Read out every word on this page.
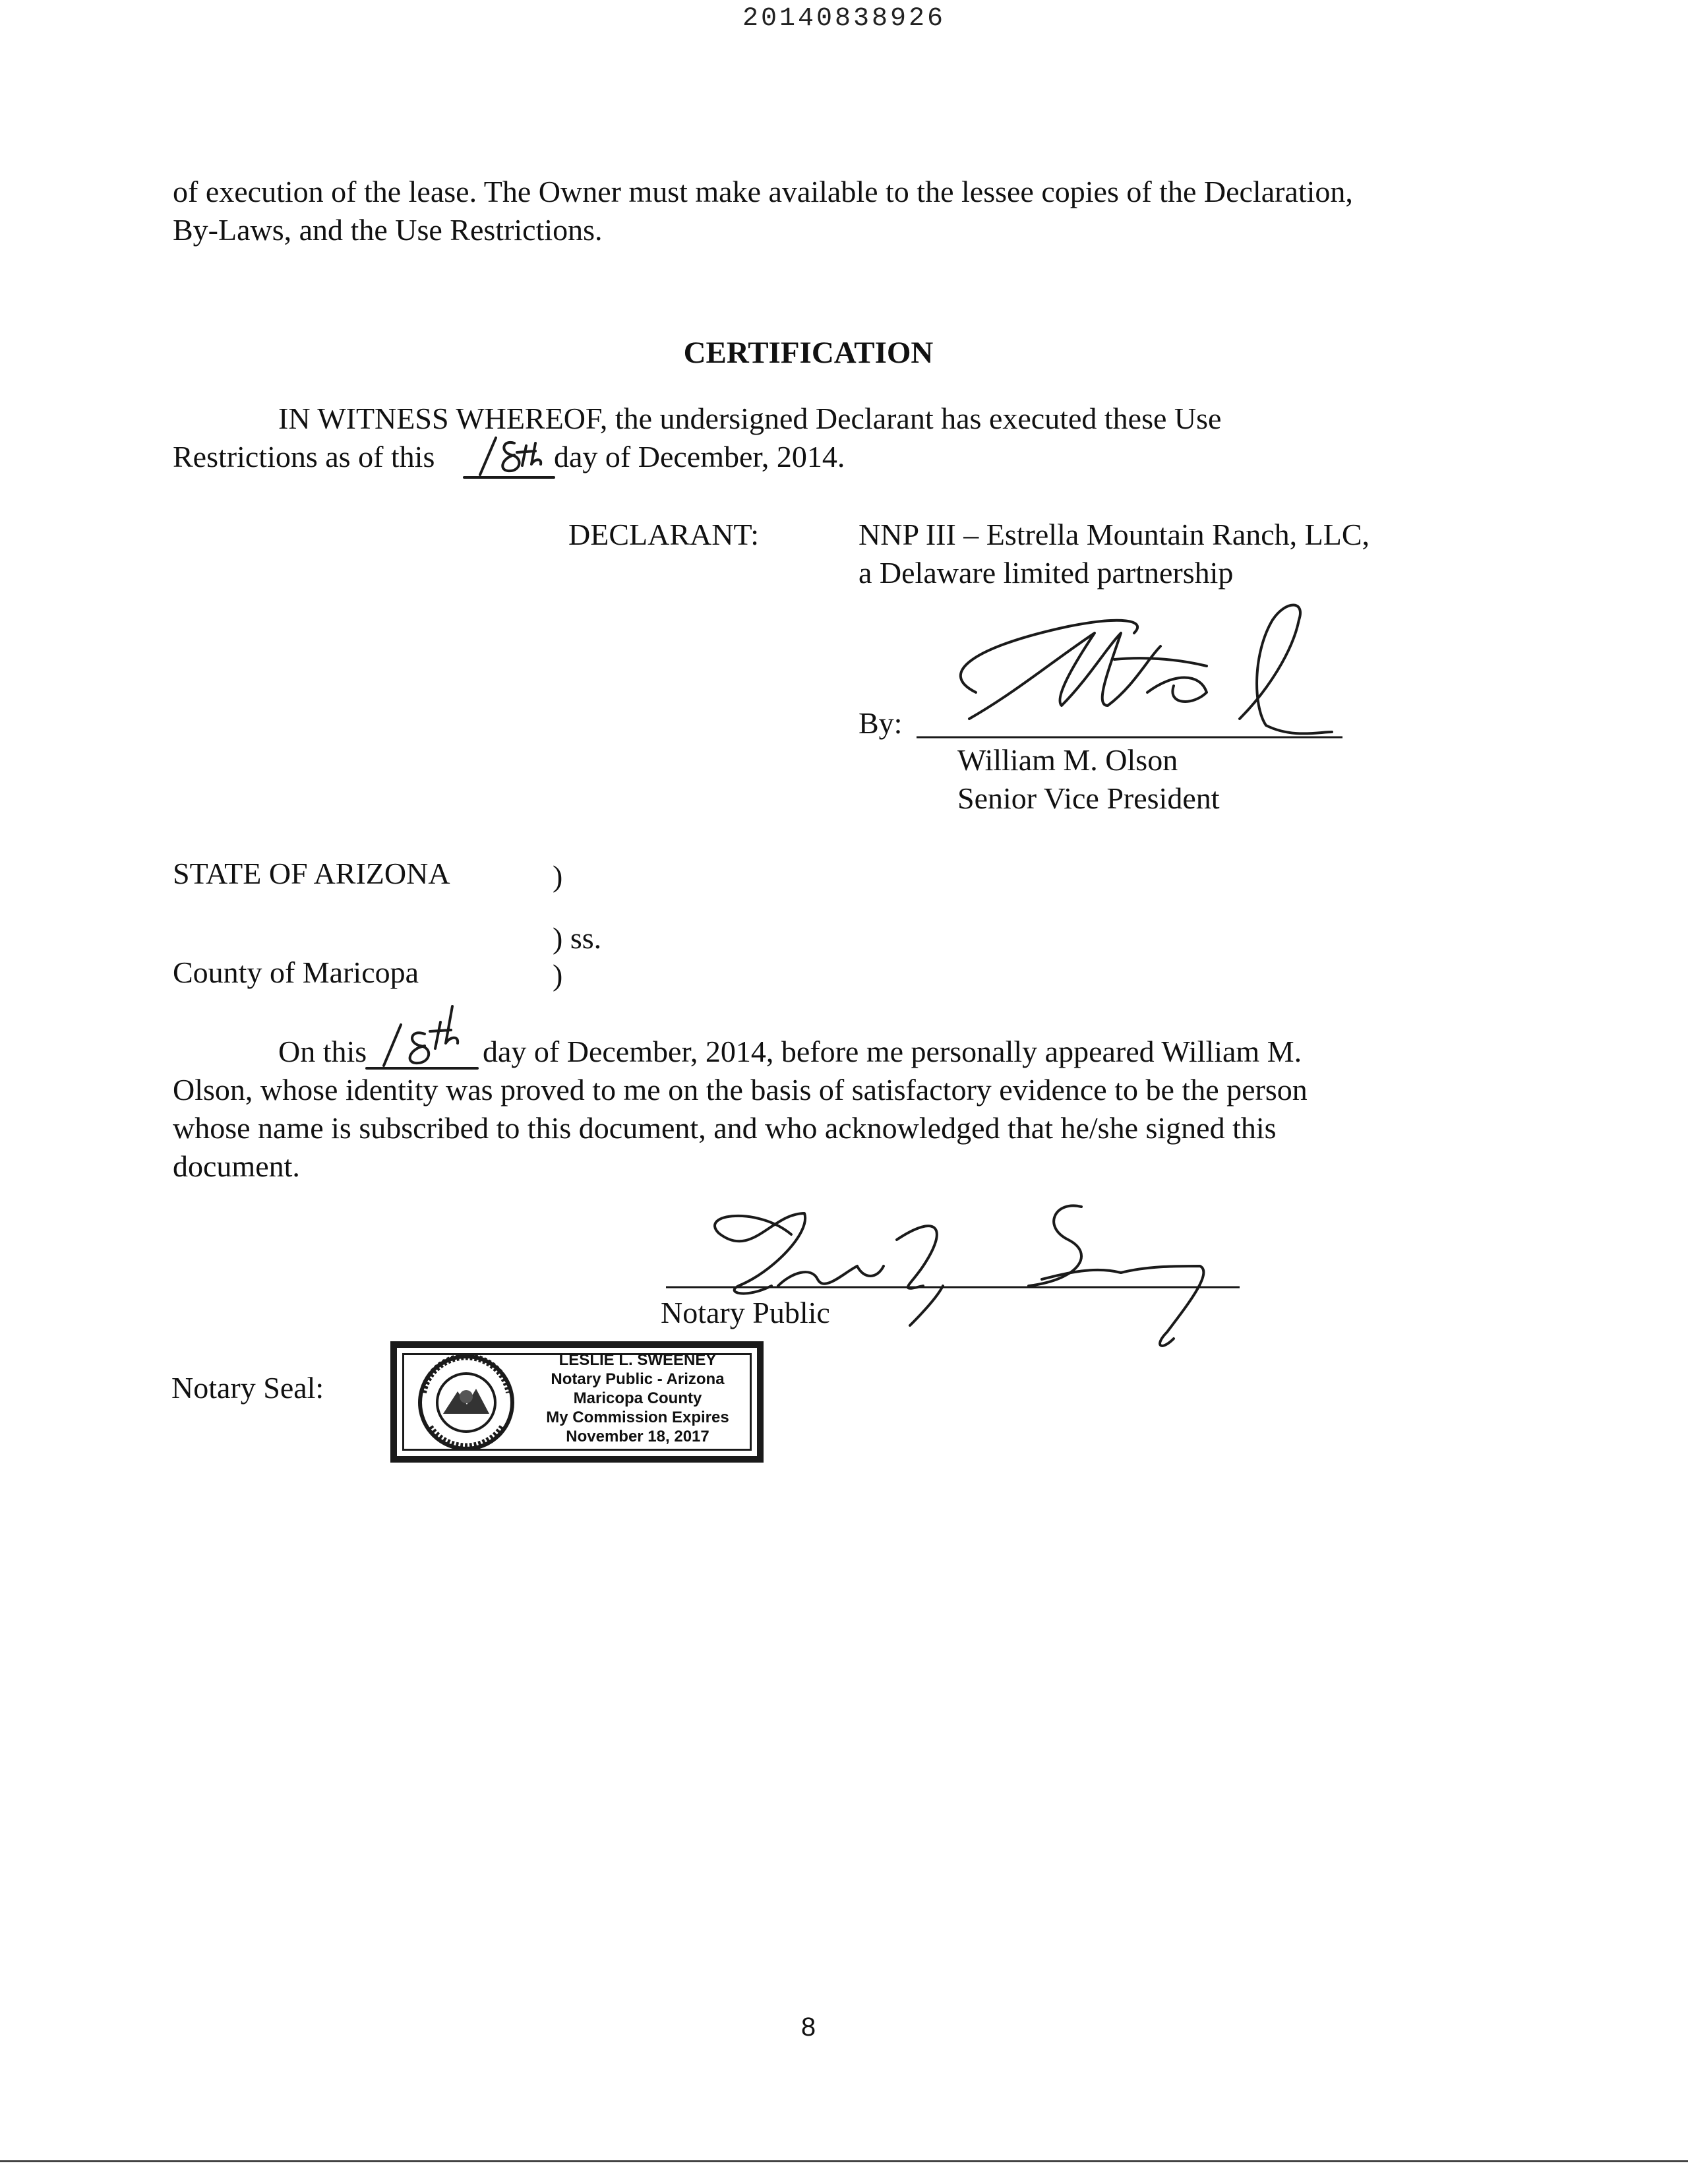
20140838926
of execution of the lease. The Owner must make available to the lessee copies of the Declaration,
By-Laws, and the Use Restrictions.
CERTIFICATION
IN WITNESS WHEREOF, the undersigned Declarant has executed these Use
Restrictions as of this	day of December, 2014.
DECLARANT:	NNP III – Estrella Mountain Ranch, LLC,
a Delaware limited partnership
By:
William M. Olson
Senior Vice President
STATE OF ARIZONA	)
) ss.
County of Maricopa	)
On this	day of December, 2014, before me personally appeared William M.
Olson, whose identity was proved to me on the basis of satisfactory evidence to be the person
whose name is subscribed to this document, and who acknowledged that he/she signed this
document.
Notary Public
Notary Seal:
LESLIE L. SWEENEY
Notary Public - Arizona
Maricopa County
My Commission Expires
November 18, 2017
8
